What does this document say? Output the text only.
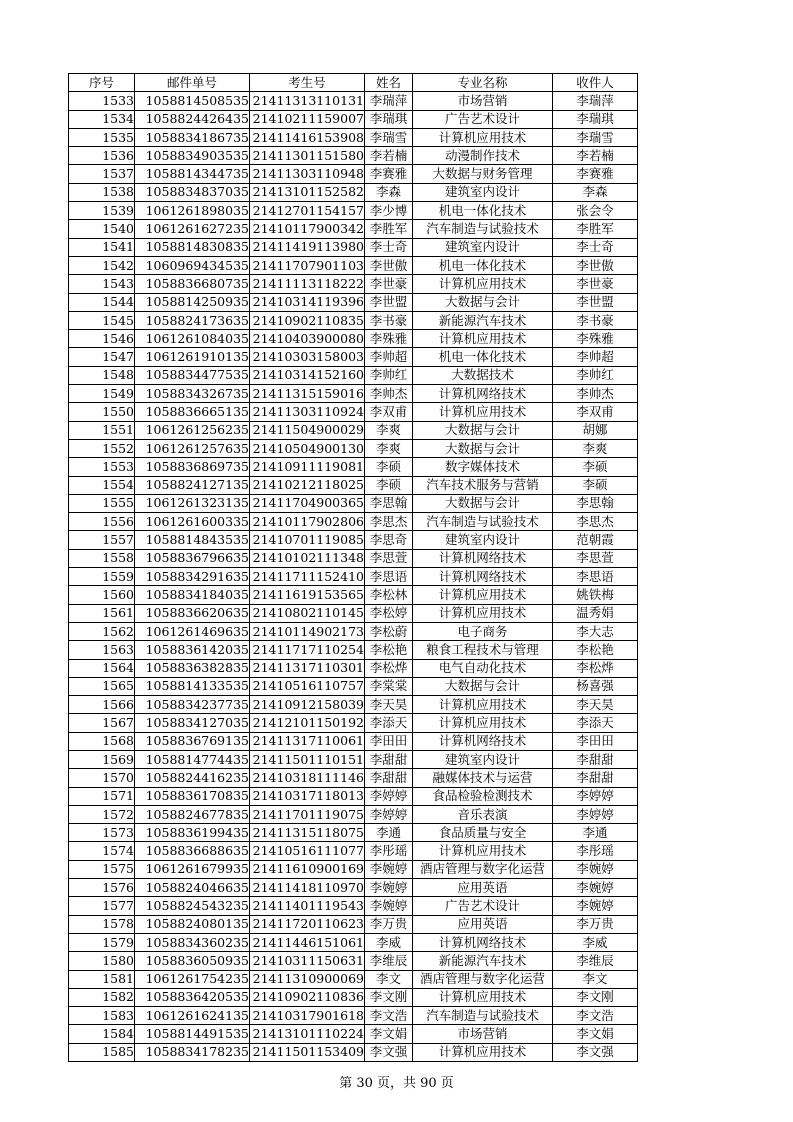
序号	邮件单号	考生号	姓名	专业名称	收件人
1533	1058814508535	21411313110131	李瑞萍	市场营销	李瑞萍
1534	1058824426435	21410211159007	李瑞琪	广告艺术设计	李瑞琪
1535	1058834186735	21411416153908	李瑞雪	计算机应用技术	李瑞雪
1536	1058834903535	21411301151580	李若楠	动漫制作技术	李若楠
1537	1058814344735	21411303110948	李赛雅	大数据与财务管理	李赛雅
1538	1058834837035	21413101152582	李森	建筑室内设计	李森
1539	1061261898035	21412701154157	李少博	机电一体化技术	张会令
1540	1061261627235	21410117900342	李胜军	汽车制造与试验技术	李胜军
1541	1058814830835	21411419113980	李士奇	建筑室内设计	李士奇
1542	1060969434535	21411707901103	李世傲	机电一体化技术	李世傲
1543	1058836680735	21411113118222	李世豪	计算机应用技术	李世豪
1544	1058814250935	21410314119396	李世盟	大数据与会计	李世盟
1545	1058824173635	21410902110835	李书豪	新能源汽车技术	李书豪
1546	1061261084035	21410403900080	李殊雅	计算机应用技术	李殊雅
1547	1061261910135	21410303158003	李帅超	机电一体化技术	李帅超
1548	1058834477535	21410314152160	李帅红	大数据技术	李帅红
1549	1058834326735	21411315159016	李帅杰	计算机网络技术	李帅杰
1550	1058836665135	21411303110924	李双甫	计算机应用技术	李双甫
1551	1061261256235	21411504900029	李爽	大数据与会计	胡娜
1552	1061261257635	21410504900130	李爽	大数据与会计	李爽
1553	1058836869735	21410911119081	李硕	数字媒体技术	李硕
1554	1058824127135	21410212118025	李硕	汽车技术服务与营销	李硕
1555	1061261323135	21411704900365	李思翰	大数据与会计	李思翰
1556	1061261600335	21410117902806	李思杰	汽车制造与试验技术	李思杰
1557	1058814843535	21410701119085	李思奇	建筑室内设计	范朝霞
1558	1058836796635	21410102111348	李思萱	计算机网络技术	李思萱
1559	1058834291635	21411711152410	李思语	计算机网络技术	李思语
1560	1058834184035	21411619153565	李松林	计算机应用技术	姚铁梅
1561	1058836620635	21410802110145	李松婷	计算机应用技术	温秀娟
1562	1061261469635	21410114902173	李松蔚	电子商务	李大志
1563	1058836142035	21411717110254	李松艳	粮食工程技术与管理	李松艳
1564	1058836382835	21411317110301	李松烨	电气自动化技术	李松烨
1565	1058814133535	21410516110757	李棠棠	大数据与会计	杨喜强
1566	1058834237735	21410912158039	李天昊	计算机应用技术	李天昊
1567	1058834127035	21412101150192	李添天	计算机应用技术	李添天
1568	1058836769135	21411317110061	李田田	计算机网络技术	李田田
1569	1058814774435	21411501110151	李甜甜	建筑室内设计	李甜甜
1570	1058824416235	21410318111146	李甜甜	融媒体技术与运营	李甜甜
1571	1058836170835	21410317118013	李婷婷	食品检验检测技术	李婷婷
1572	1058824677835	21411701119075	李婷婷	音乐表演	李婷婷
1573	1058836199435	21411315118075	李通	食品质量与安全	李通
1574	1058836688635	21410516111077	李彤瑶	计算机应用技术	李彤瑶
1575	1061261679935	21411610900169	李婉婷	酒店管理与数字化运营	李婉婷
1576	1058824046635	21411418110970	李婉婷	应用英语	李婉婷
1577	1058824543235	21411401119543	李婉婷	广告艺术设计	李婉婷
1578	1058824080135	21411720110623	李万贵	应用英语	李万贵
1579	1058834360235	21411446151061	李威	计算机网络技术	李威
1580	1058836050935	21410311150631	李维辰	新能源汽车技术	李维辰
1581	1061261754235	21411310900069	李文	酒店管理与数字化运营	李文
1582	1058836420535	21410902110836	李文刚	计算机应用技术	李文刚
1583	1061261624135	21410317901618	李文浩	汽车制造与试验技术	李文浩
1584	1058814491535	21413101110224	李文娟	市场营销	李文娟
1585	1058834178235	21411501153409	李文强	计算机应用技术	李文强
第 30 页，共 90 页
